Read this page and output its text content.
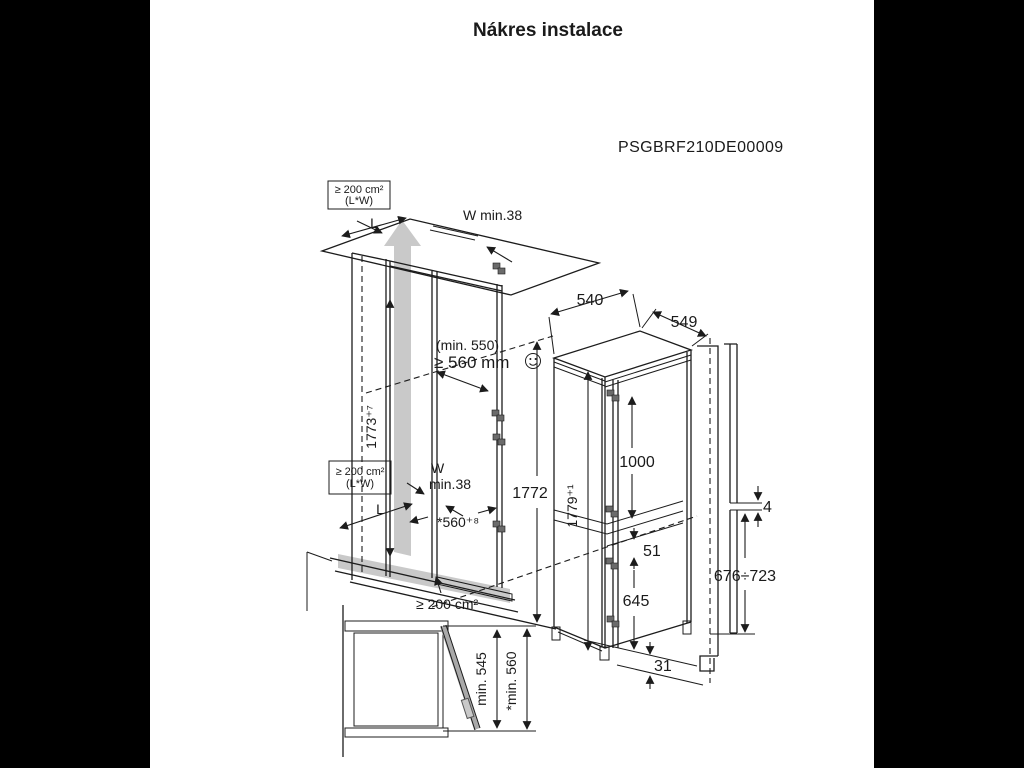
Nákres instalace
PSGBRF210DE00009
≥ 200 cm²
(L*W)
≥ 200 cm²
(L*W)
L	W min.38
1773⁺⁷
(min. 550)
≥ 560 mm
1772
W
min.38
L
*560⁺⁸
≥ 200 cm²
540
549
1779⁺¹
1000
51
645
31
4
676÷723
min. 545 *min. 560
